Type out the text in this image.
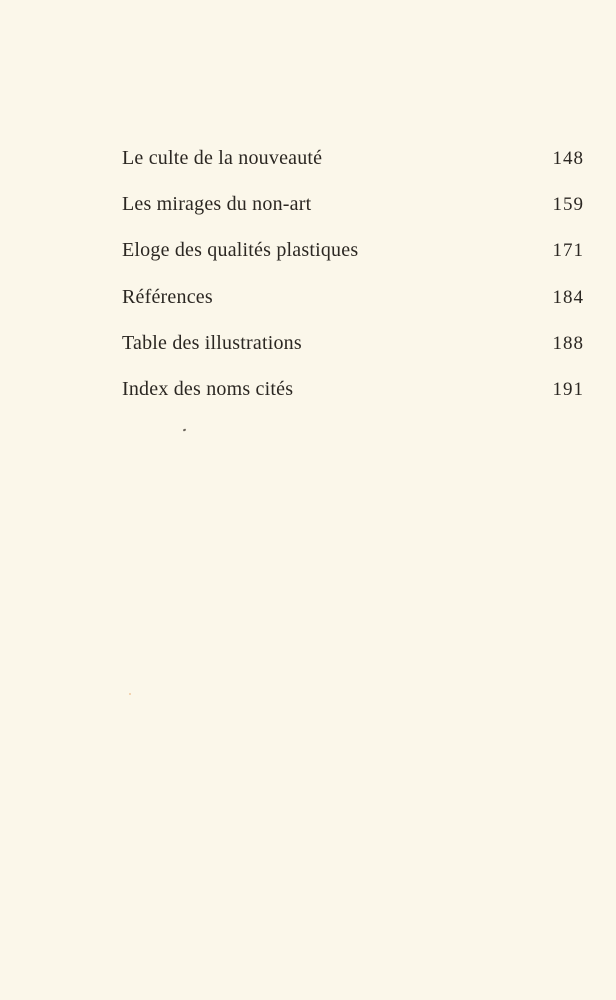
Le culte de la nouveauté	148
Les mirages du non-art	159
Eloge des qualités plastiques	171
Références	184
Table des illustrations	188
Index des noms cités	191
